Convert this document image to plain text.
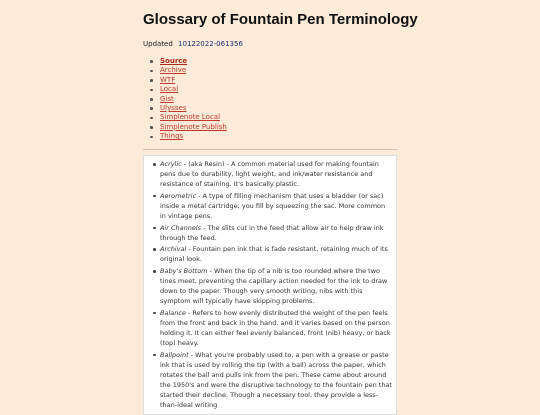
Glossary of Fountain Pen Terminology
Updated 10122022-061356
Source
Archive
WTF
Local
Gist
Ulysses
Simplenote Local
Simplenote Publish
Things
Acrylic - (aka Resin) - A common material used for making fountain pens due to durability, light weight, and ink/water resistance and resistance of staining. It's basically plastic.
Aerometric - A type of filling mechanism that uses a bladder (or sac) inside a metal cartridge; you fill by squeezing the sac. More common in vintage pens.
Air Channels - The slits cut in the feed that allow air to help draw ink through the feed.
Archival - Fountain pen ink that is fade resistant, retaining much of its original look.
Baby's Bottom - When the tip of a nib is too rounded where the two tines meet, preventing the capillary action needed for the ink to draw down to the paper. Though very smooth writing, nibs with this symptom will typically have skipping problems.
Balance - Refers to how evenly distributed the weight of the pen feels from the front and back in the hand, and it varies based on the person holding it. It can either feel evenly balanced, front (nib) heavy, or back (top) heavy.
Ballpoint - What you're probably used to, a pen with a grease or paste ink that is used by rolling the tip (with a ball) across the paper, which rotates the ball and pulls ink from the pen. These came about around the 1950's and were the disruptive technology to the fountain pen that started their decline. Though a necessary tool, they provide a less-than-ideal writing
